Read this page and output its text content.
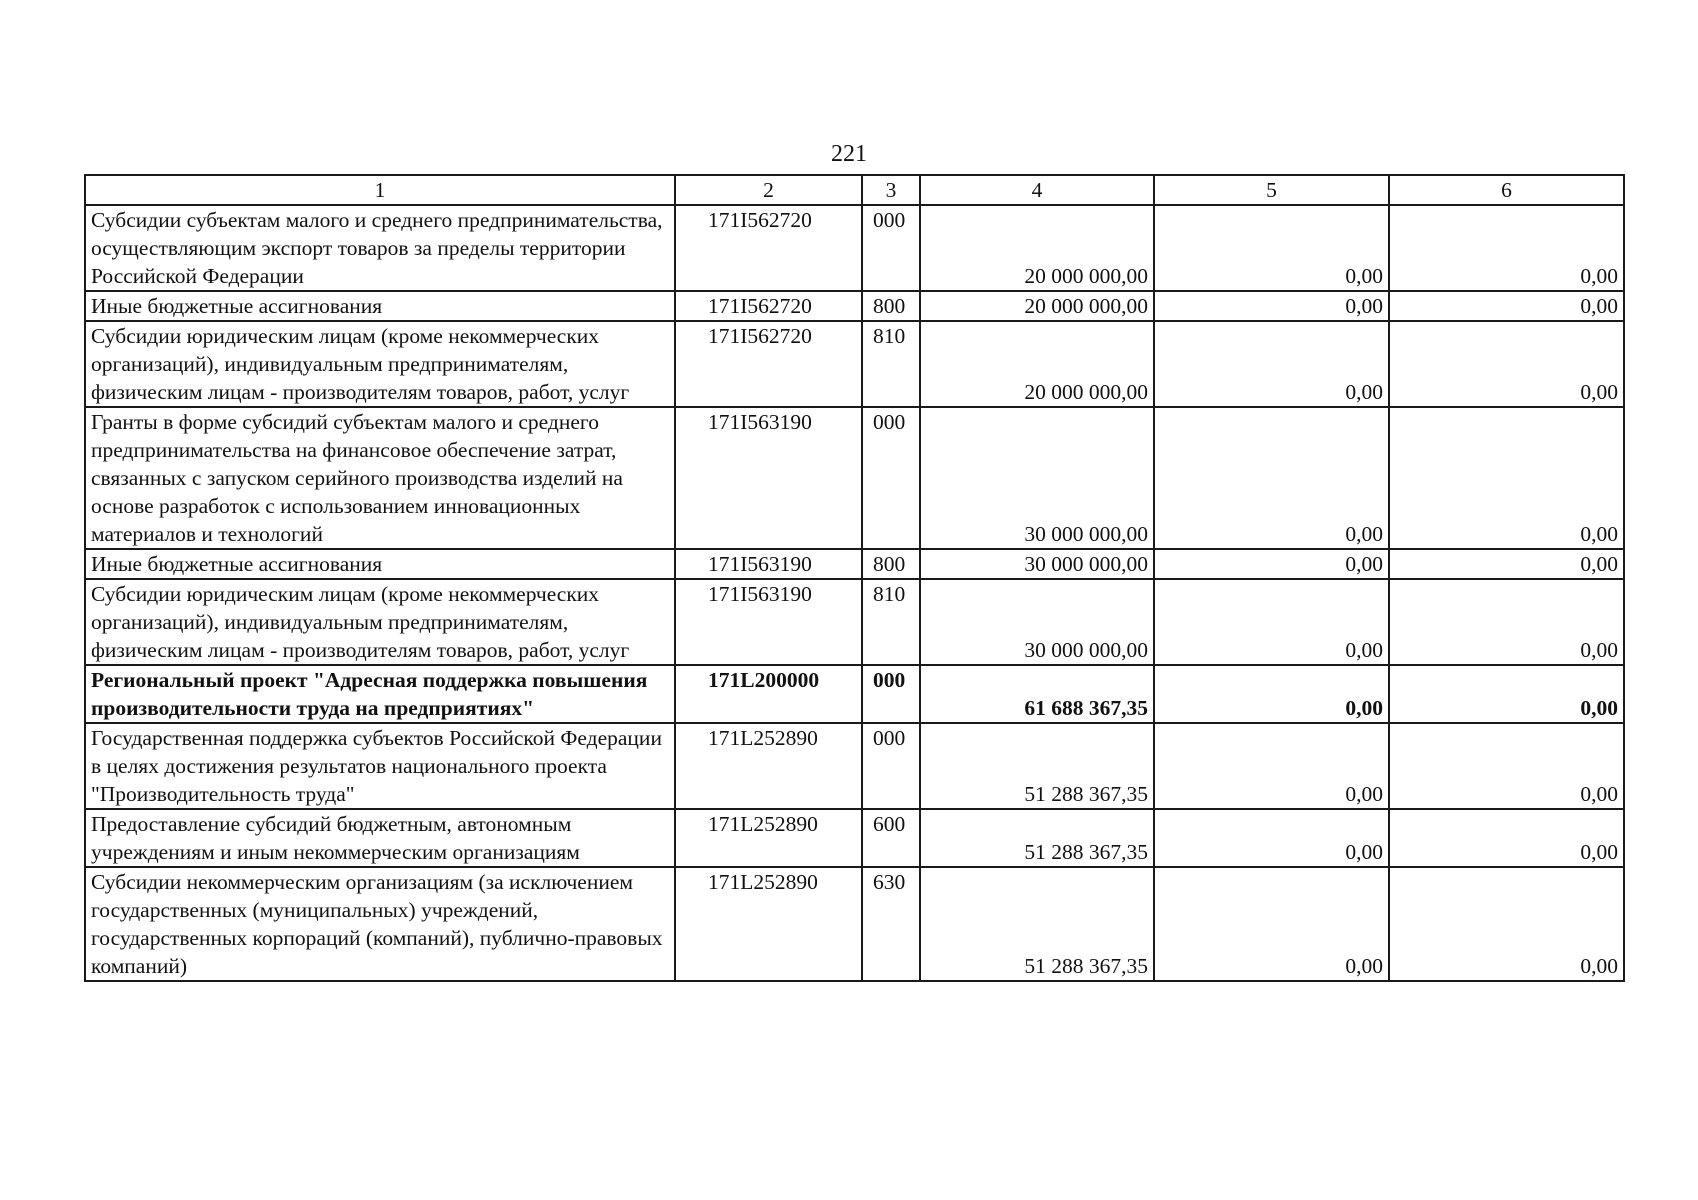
221
1	2	3	4	5	6
Субсидии субъектам малого и среднего предпринимательства, осуществляющим экспорт товаров за пределы территории Российской Федерации	171I562720	000	20 000 000,00	0,00	0,00
Иные бюджетные ассигнования	171I562720	800	20 000 000,00	0,00	0,00
Субсидии юридическим лицам (кроме некоммерческих организаций), индивидуальным предпринимателям, физическим лицам - производителям товаров, работ, услуг	171I562720	810	20 000 000,00	0,00	0,00
Гранты в форме субсидий субъектам малого и среднего предпринимательства на финансовое обеспечение затрат, связанных с запуском серийного производства изделий на основе разработок с использованием инновационных материалов и технологий	171I563190	000	30 000 000,00	0,00	0,00
Иные бюджетные ассигнования	171I563190	800	30 000 000,00	0,00	0,00
Субсидии юридическим лицам (кроме некоммерческих организаций), индивидуальным предпринимателям, физическим лицам - производителям товаров, работ, услуг	171I563190	810	30 000 000,00	0,00	0,00
Региональный проект "Адресная поддержка повышения производительности труда на предприятиях"	171L200000	000	61 688 367,35	0,00	0,00
Государственная поддержка субъектов Российской Федерации в целях достижения результатов национального проекта "Производительность труда"	171L252890	000	51 288 367,35	0,00	0,00
Предоставление субсидий бюджетным, автономным учреждениям и иным некоммерческим организациям	171L252890	600	51 288 367,35	0,00	0,00
Субсидии некоммерческим организациям (за исключением государственных (муниципальных) учреждений, государственных корпораций (компаний), публично-правовых компаний)	171L252890	630	51 288 367,35	0,00	0,00
